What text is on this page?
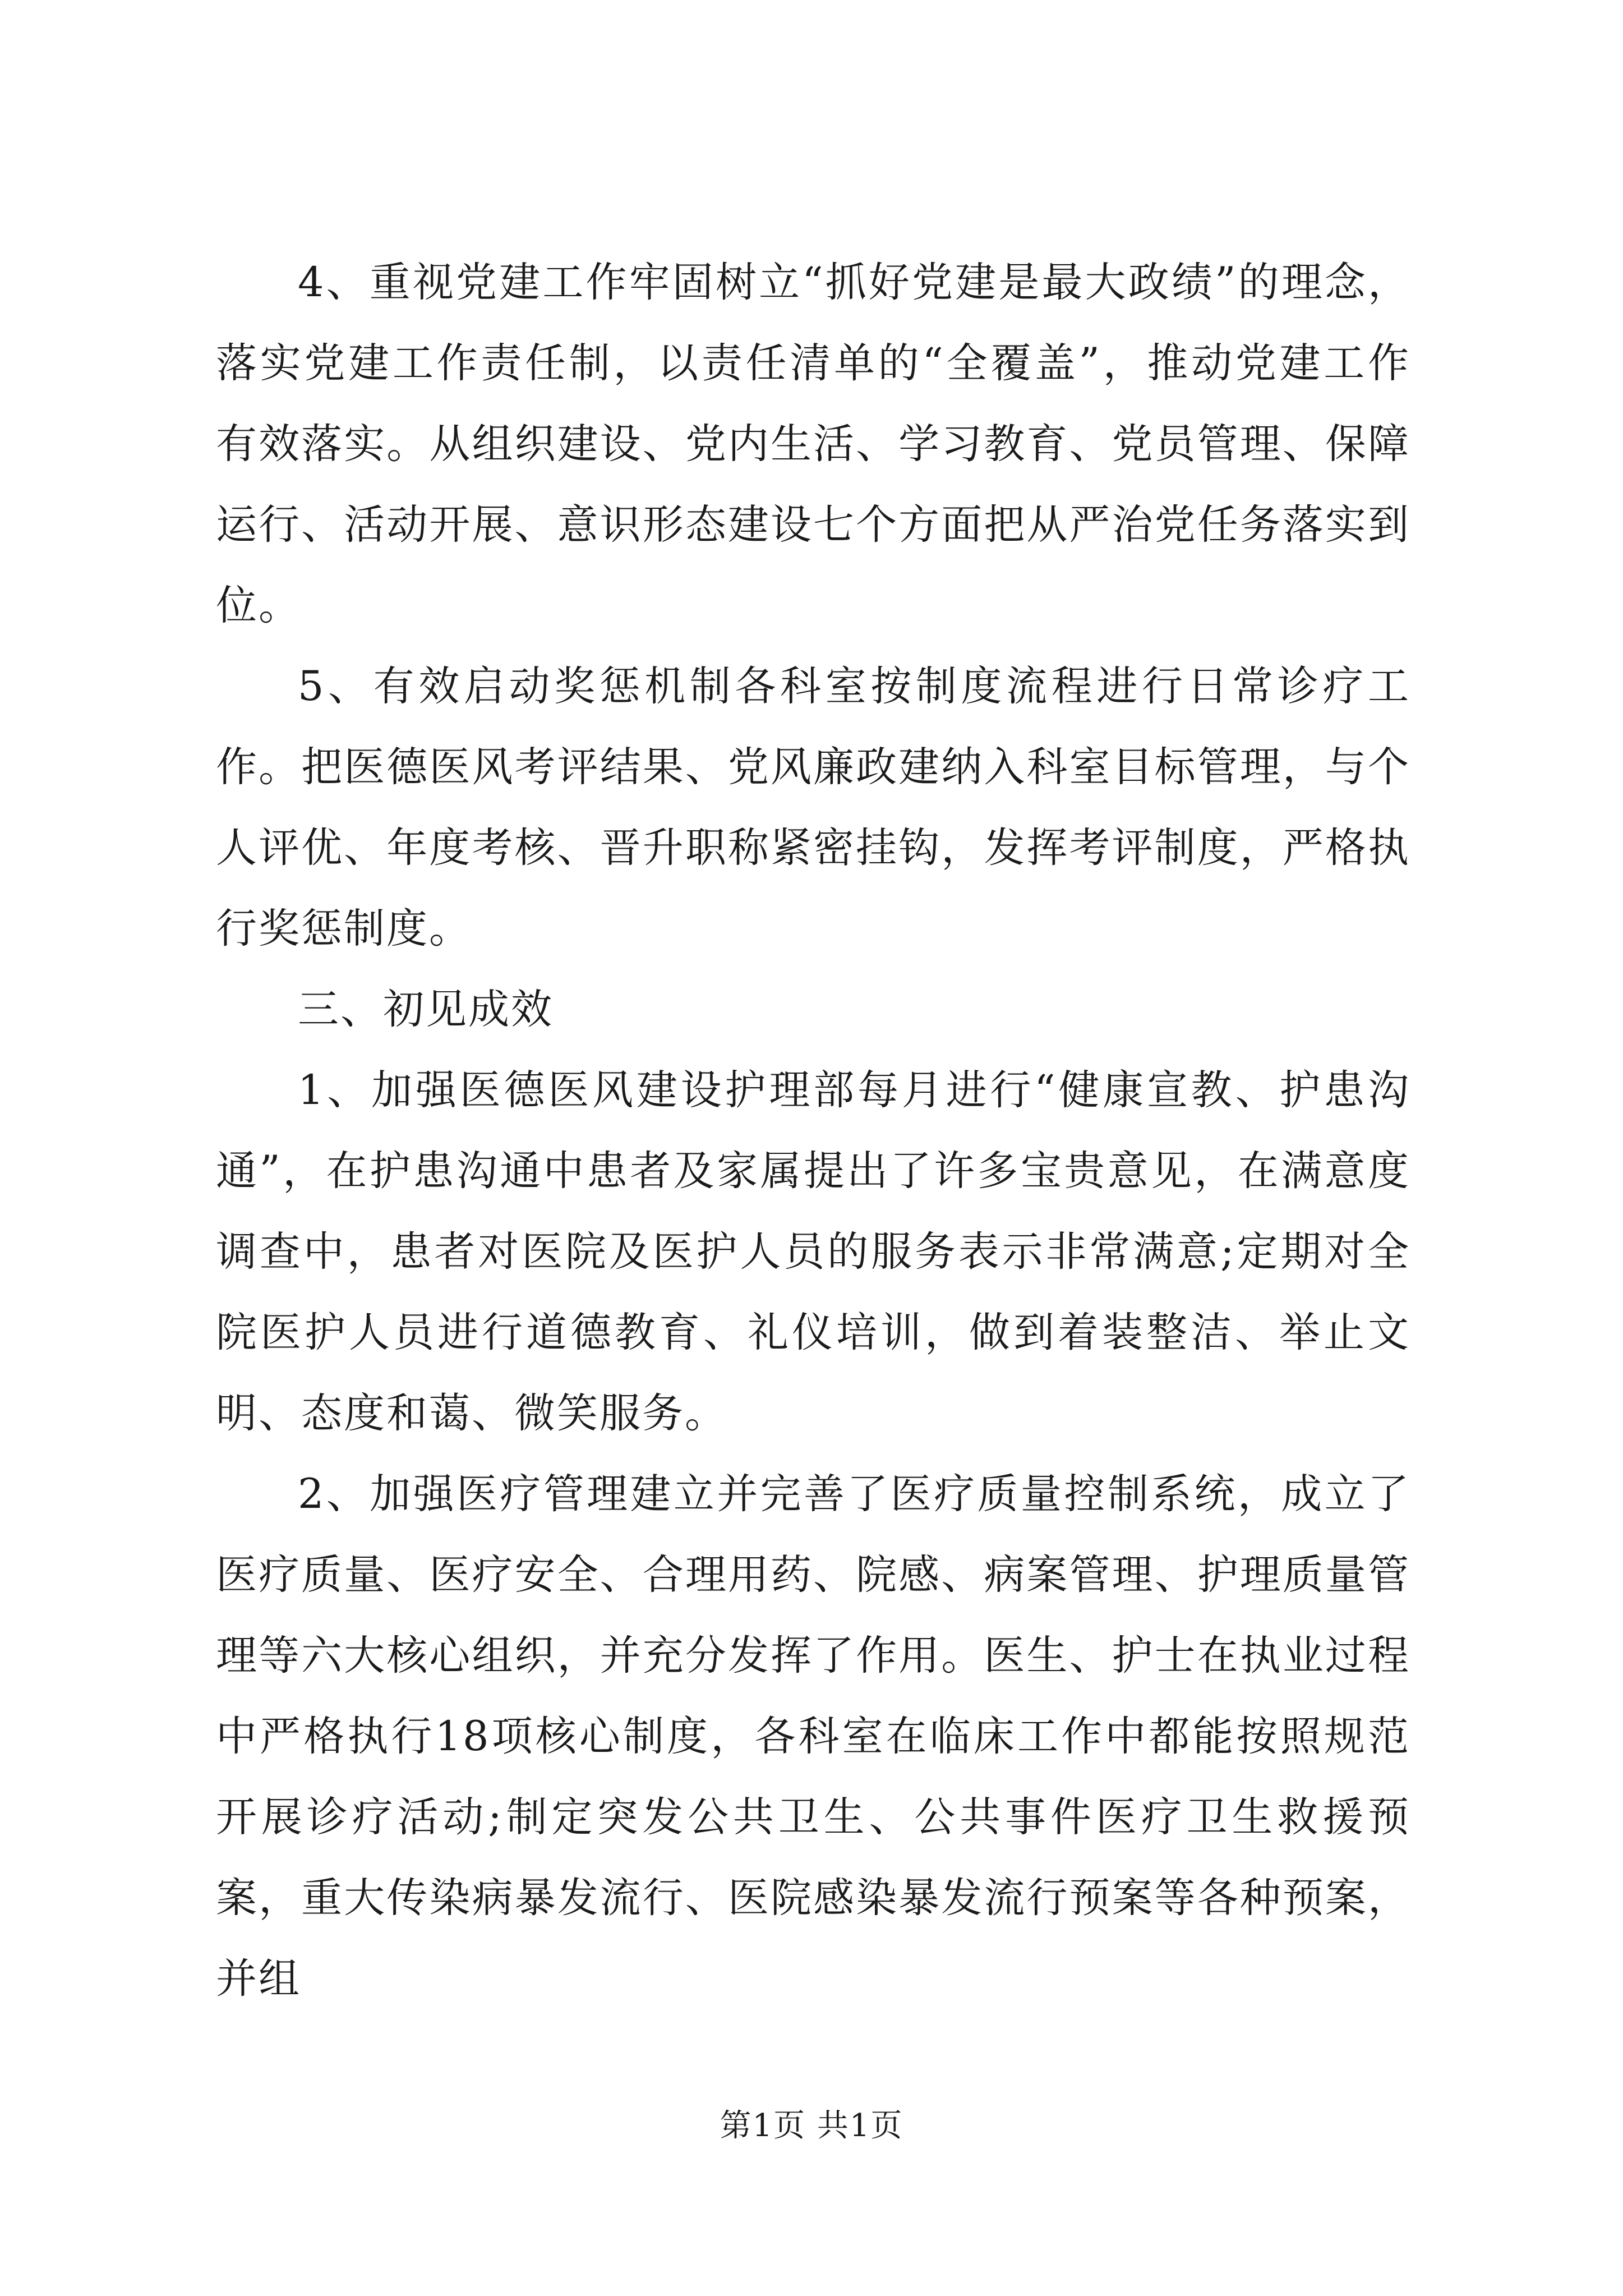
4、重视党建工作牢固树立“抓好党建是最大政绩”的理念，落实党建工作责任制，以责任清单的“全覆盖”，推动党建工作有效落实。从组织建设、党内生活、学习教育、党员管理、保障运行、活动开展、意识形态建设七个方面把从严治党任务落实到位。

5、有效启动奖惩机制各科室按制度流程进行日常诊疗工作。把医德医风考评结果、党风廉政建纳入科室目标管理，与个人评优、年度考核、晋升职称紧密挂钩，发挥考评制度，严格执行奖惩制度。

三、初见成效

1、加强医德医风建设护理部每月进行“健康宣教、护患沟通”，在护患沟通中患者及家属提出了许多宝贵意见，在满意度调查中，患者对医院及医护人员的服务表示非常满意;定期对全院医护人员进行道德教育、礼仪培训，做到着装整洁、举止文明、态度和蔼、微笑服务。

2、加强医疗管理建立并完善了医疗质量控制系统，成立了医疗质量、医疗安全、合理用药、院感、病案管理、护理质量管理等六大核心组织，并充分发挥了作用。医生、护士在执业过程中严格执行18项核心制度，各科室在临床工作中都能按照规范开展诊疗活动;制定突发公共卫生、公共事件医疗卫生救援预案，重大传染病暴发流行、医院感染暴发流行预案等各种预案，并组

第1页 共1页
